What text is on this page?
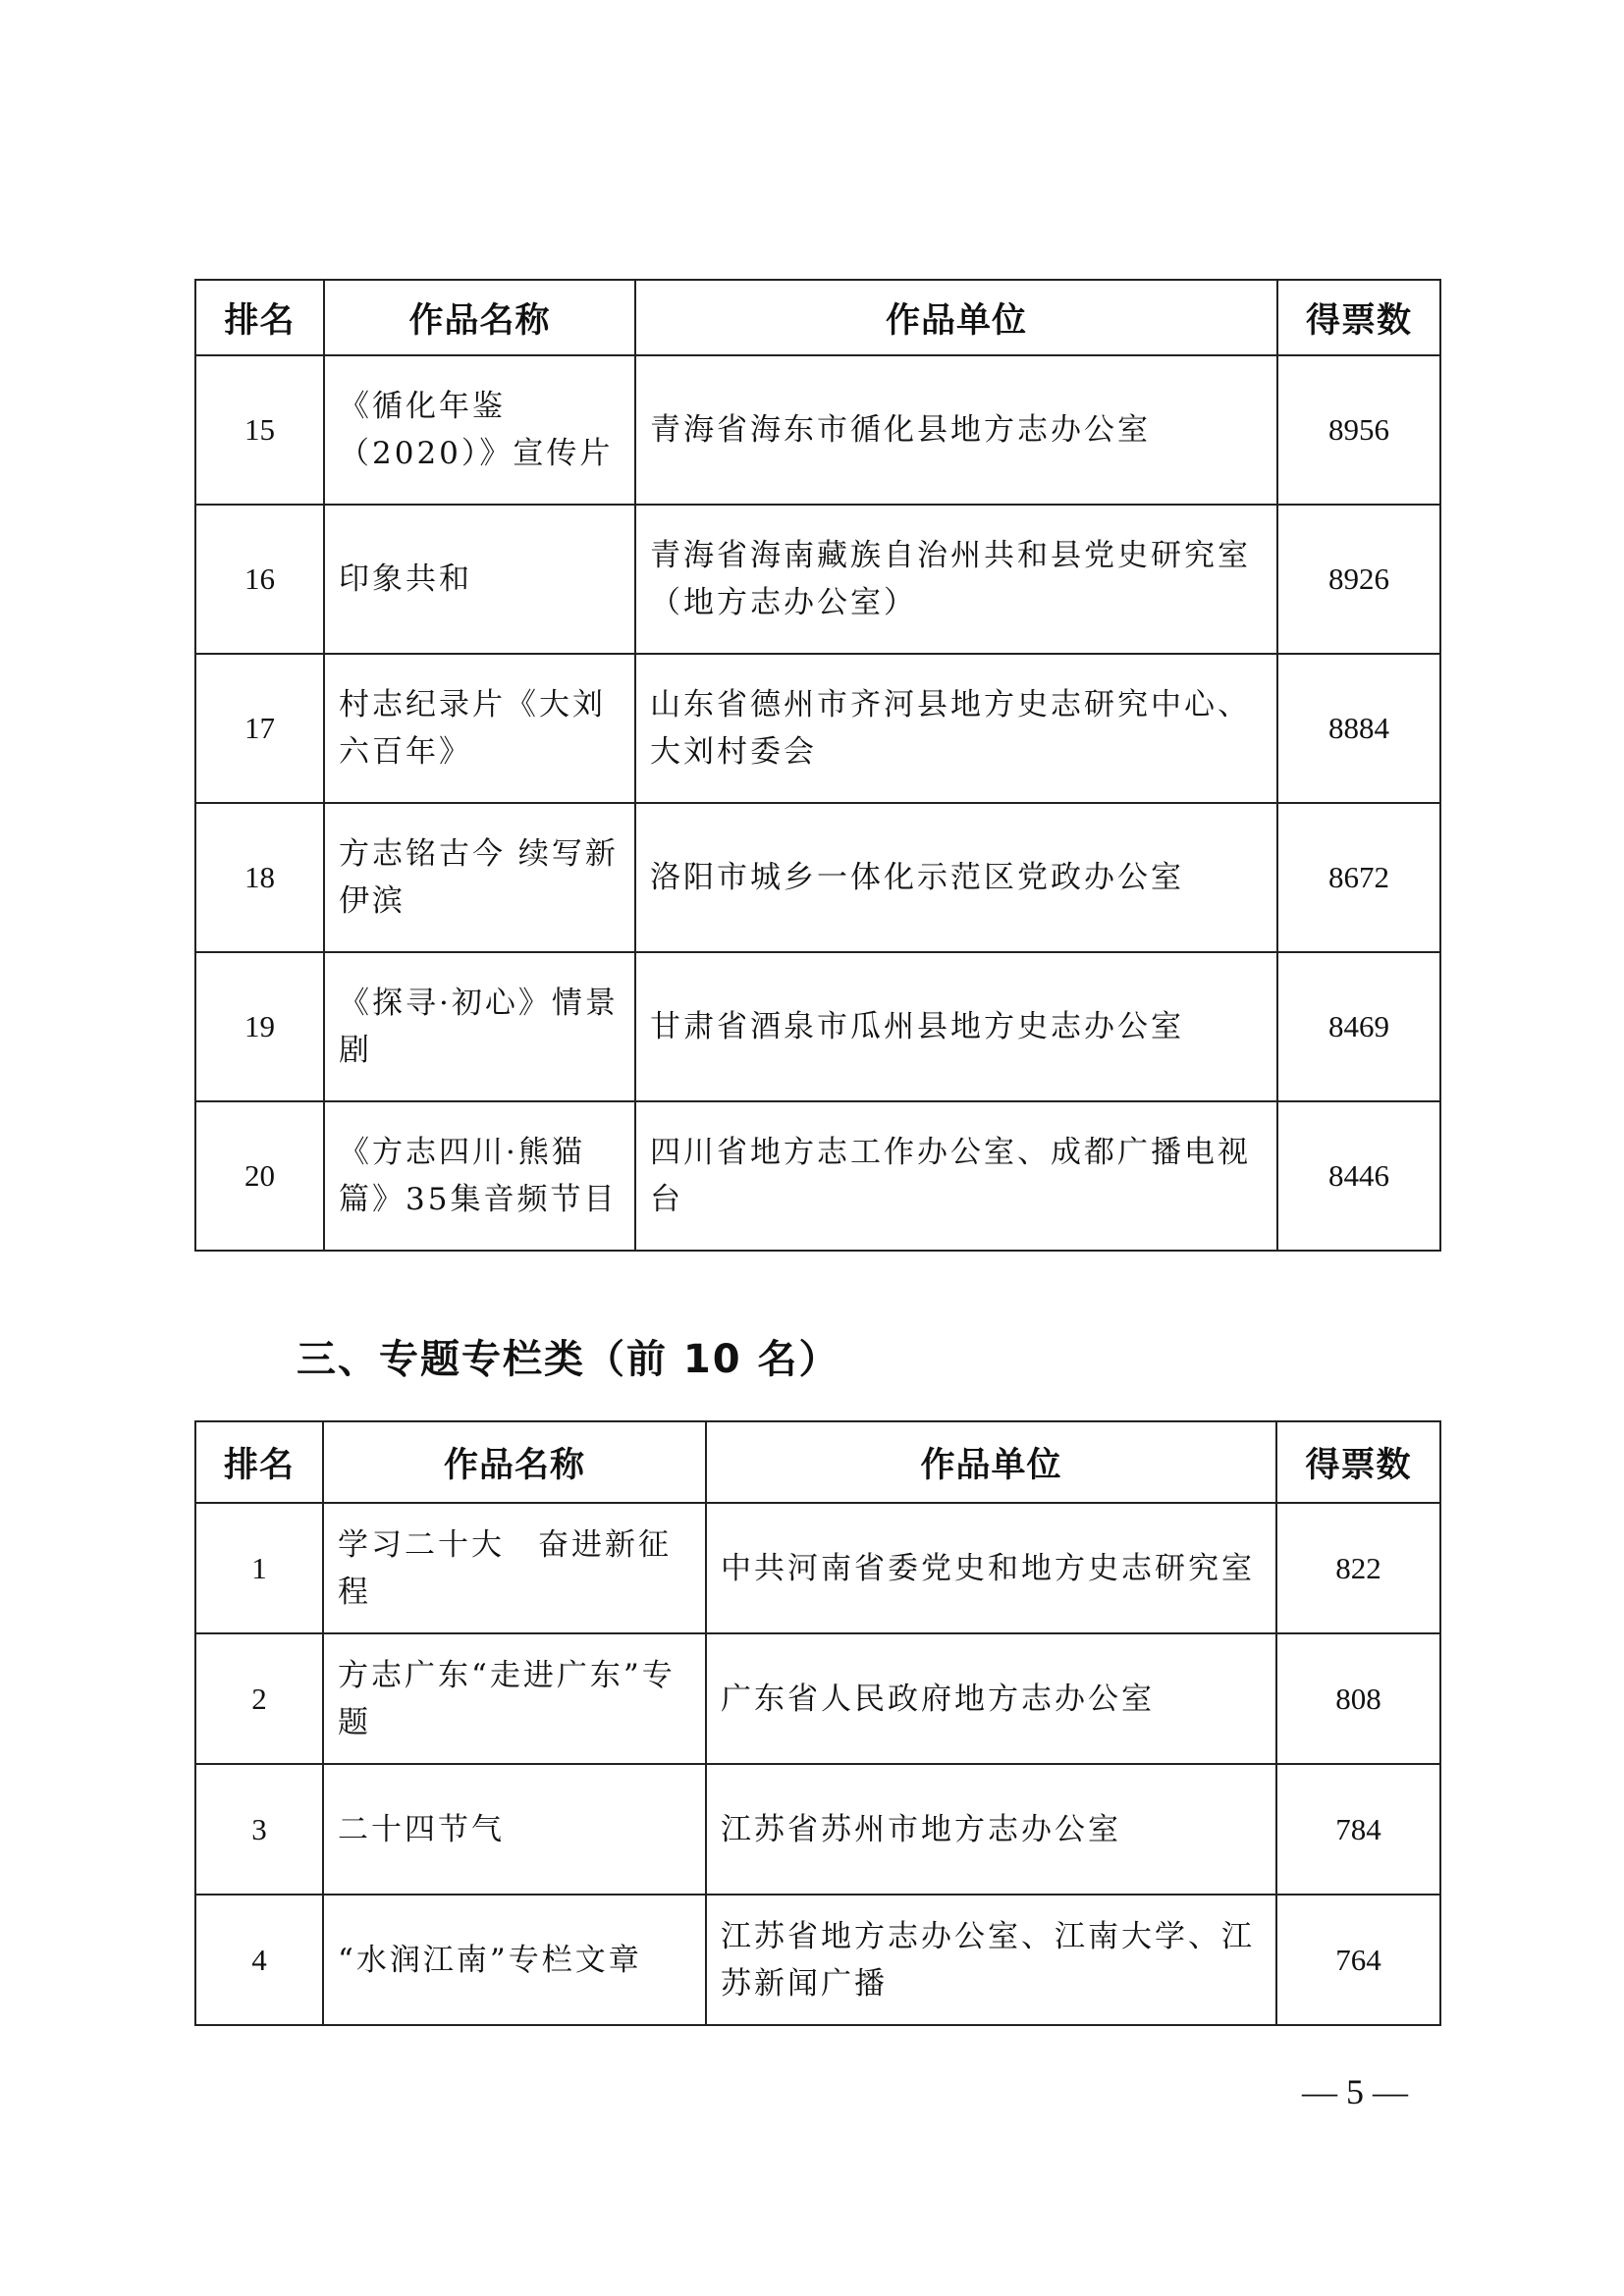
排名	作品名称	作品单位	得票数
15	《循化年鉴（2020）》宣传片	青海省海东市循化县地方志办公室	8956
16	印象共和	青海省海南藏族自治州共和县党史研究室（地方志办公室）	8926
17	村志纪录片《大刘六百年》	山东省德州市齐河县地方史志研究中心、大刘村委会	8884
18	方志铭古今 续写新伊滨	洛阳市城乡一体化示范区党政办公室	8672
19	《探寻·初心》情景剧	甘肃省酒泉市瓜州县地方史志办公室	8469
20	《方志四川·熊猫篇》35集音频节目	四川省地方志工作办公室、成都广播电视台	8446
三、专题专栏类（前 10 名）
排名	作品名称	作品单位	得票数
1	学习二十大　奋进新征程	中共河南省委党史和地方史志研究室	822
2	方志广东“走进广东”专题	广东省人民政府地方志办公室	808
3	二十四节气	江苏省苏州市地方志办公室	784
4	“水润江南”专栏文章	江苏省地方志办公室、江南大学、江苏新闻广播	764
— 5 —
